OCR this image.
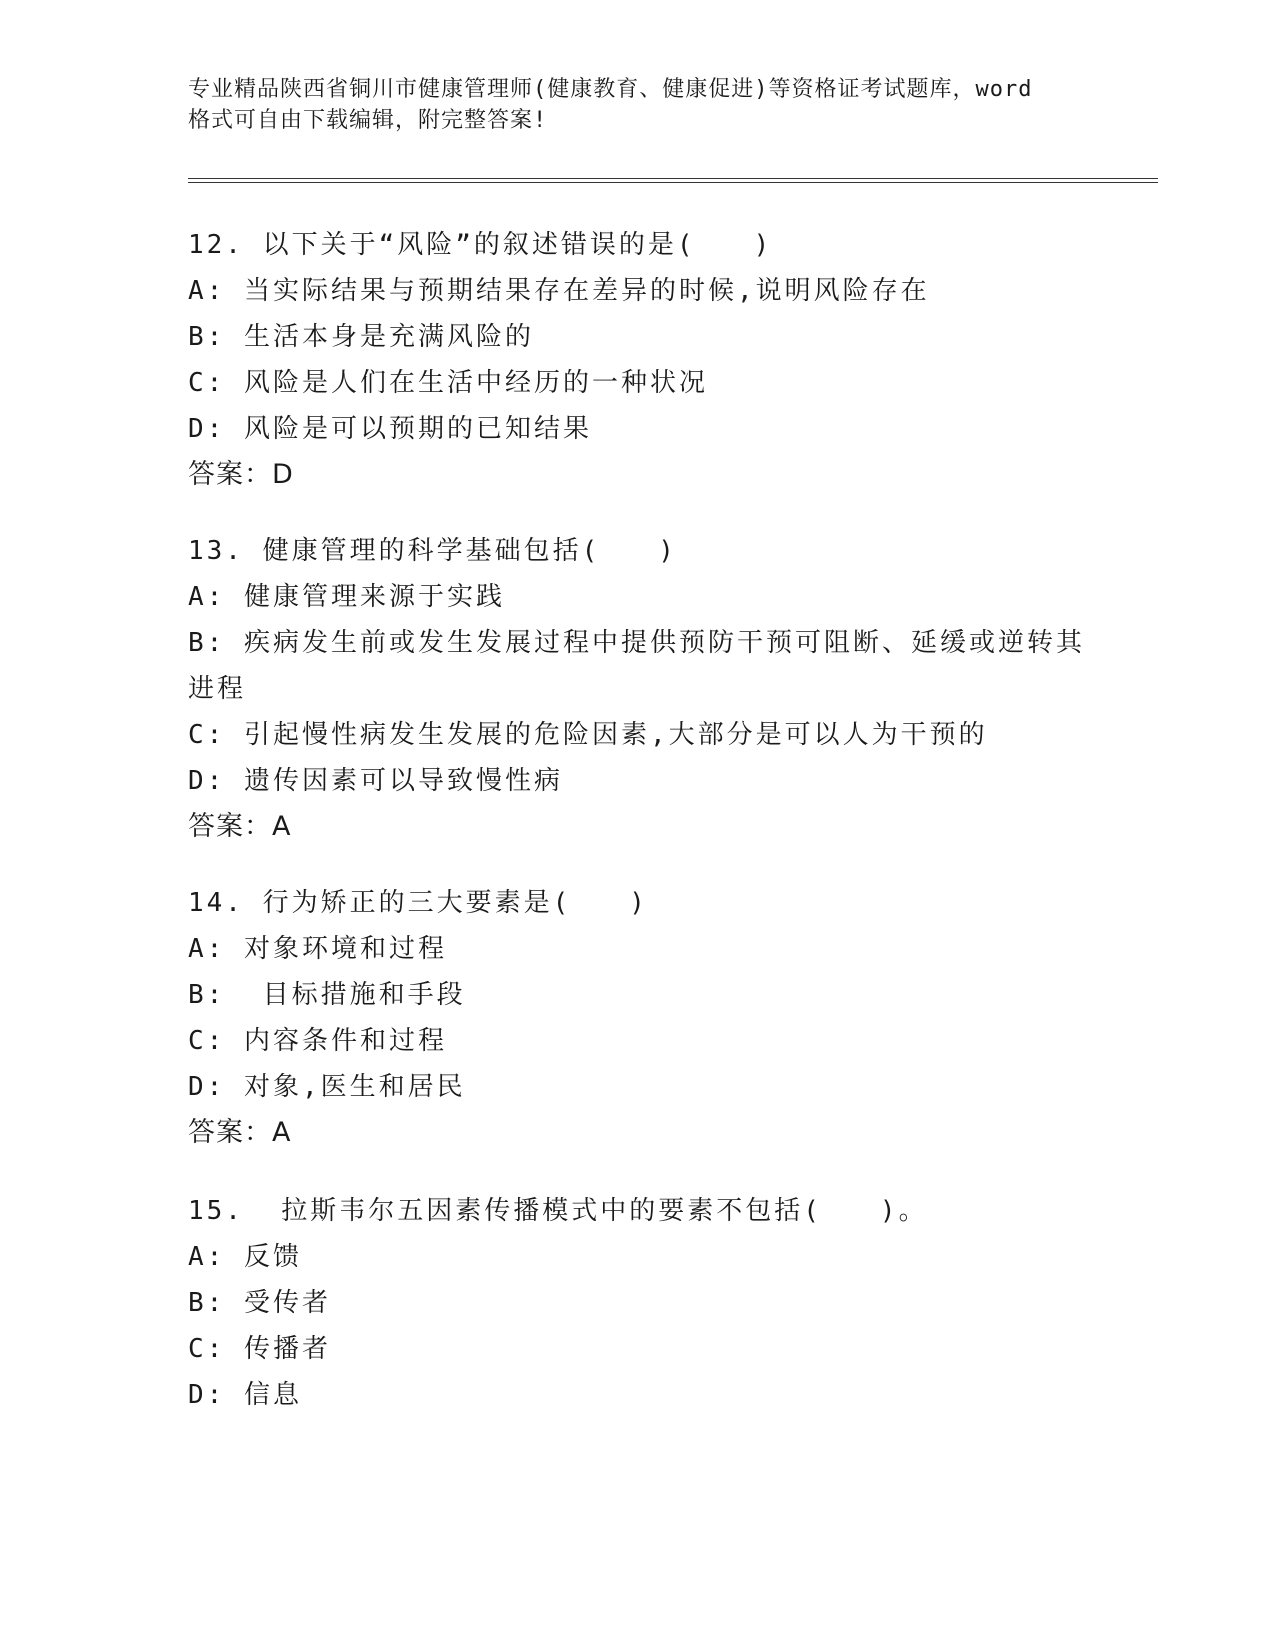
专业精品陕西省铜川市健康管理师(健康教育、健康促进)等资格证考试题库，word
格式可自由下载编辑，附完整答案!
12. 以下关于“风险”的叙述错误的是(　　)
A: 当实际结果与预期结果存在差异的时候,说明风险存在
B: 生活本身是充满风险的
C: 风险是人们在生活中经历的一种状况
D: 风险是可以预期的已知结果
答案：D
13. 健康管理的科学基础包括(　　)
A: 健康管理来源于实践
B: 疾病发生前或发生发展过程中提供预防干预可阻断、延缓或逆转其
进程
C: 引起慢性病发生发展的危险因素,大部分是可以人为干预的
D: 遗传因素可以导致慢性病
答案：A
14. 行为矫正的三大要素是(　　)
A: 对象环境和过程
B:  目标措施和手段
C: 内容条件和过程
D: 对象,医生和居民
答案：A
15.  拉斯韦尔五因素传播模式中的要素不包括(　　)。
A: 反馈
B: 受传者
C: 传播者
D: 信息
